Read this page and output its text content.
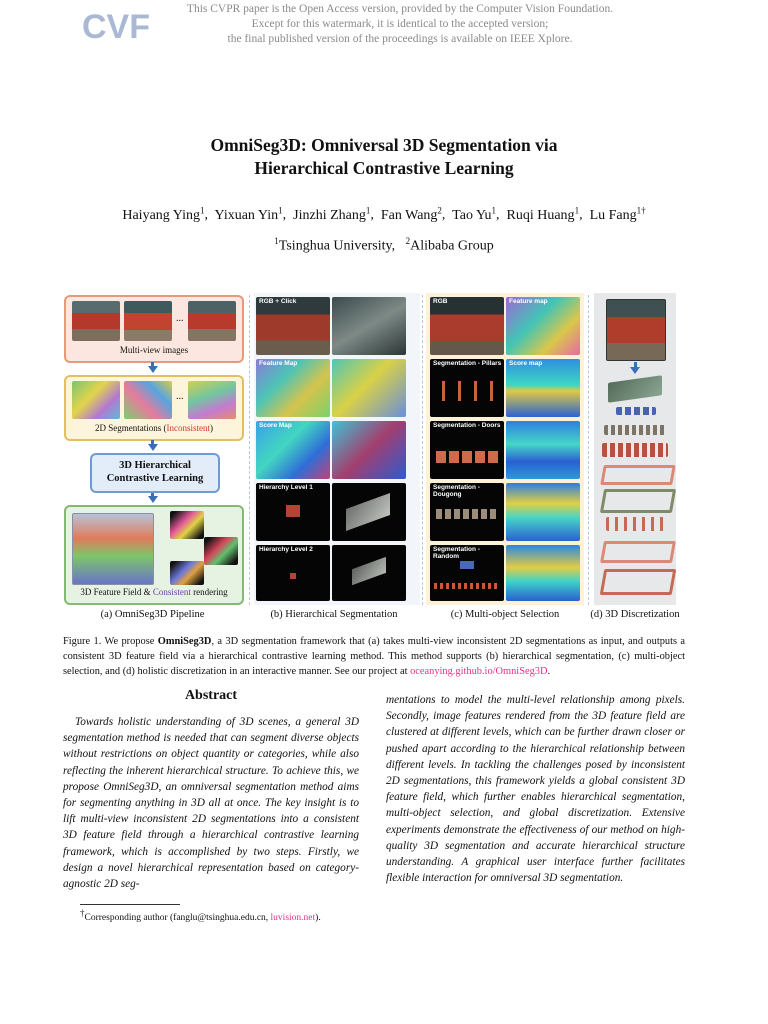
CVF	This CVPR paper is the Open Access version, provided by the Computer Vision Foundation.
Except for this watermark, it is identical to the accepted version;
the final published version of the proceedings is available on IEEE Xplore.
OmniSeg3D: Omniversal 3D Segmentation via
Hierarchical Contrastive Learning
Haiyang Ying$^1$,  Yixuan Yin$^1$,  Jinzhi Zhang$^1$,  Fan Wang$^2$,  Tao Yu$^1$,  Ruqi Huang$^1$,  Lu Fang$^{1\dagger}$
$^1$Tsinghua University, $^2$Alibaba Group
...
Multi-view images
...
2D Segmentations (Inconsistent)
3D Hierarchical
Contrastive Learning
3D Feature Field & Consistent rendering
RGB + Click
Feature Map
Score Map
Hierarchy Level 1
Hierarchy Level 2
RGB	Feature map
Segmentation - Pillars Score map
Segmentation - Doors
Segmentation - Dougong
Segmentation - Random
(a) OmniSeg3D Pipeline	(b) Hierarchical Segmentation	(c) Multi-object Selection	(d) 3D Discretization
Figure 1. We propose OmniSeg3D, a 3D segmentation framework that (a) takes multi-view inconsistent 2D segmentations as input, and outputs a consistent 3D feature field via a hierarchical contrastive learning method. This method supports (b) hierarchical segmentation, (c) multi-object selection, and (d) holistic discretization in an interactive manner. See our project at oceanying.github.io/OmniSeg3D.
Abstract

Towards holistic understanding of 3D scenes, a general 3D segmentation method is needed that can segment diverse objects without restrictions on object quantity or categories, while also reflecting the inherent hierarchical structure. To achieve this, we propose OmniSeg3D, an omniversal segmentation method aims for segmenting anything in 3D all at once. The key insight is to lift multi-view inconsistent 2D segmentations into a consistent 3D feature field through a hierarchical contrastive learning framework, which is accomplished by two steps. Firstly, we design a novel hierarchical representation based on category-agnostic 2D seg-

mentations to model the multi-level relationship among pixels. Secondly, image features rendered from the 3D feature field are clustered at different levels, which can be further drawn closer or pushed apart according to the hierarchical relationship between different levels. In tackling the challenges posed by inconsistent 2D segmentations, this framework yields a global consistent 3D feature field, which further enables hierarchical segmentation, multi-object selection, and global discretization. Extensive experiments demonstrate the effectiveness of our method on high-quality 3D segmentation and accurate hierarchical structure understanding. A graphical user interface further facilitates flexible interaction for omniversal 3D segmentation.

†Corresponding author (fanglu@tsinghua.edu.cn, luvision.net).
